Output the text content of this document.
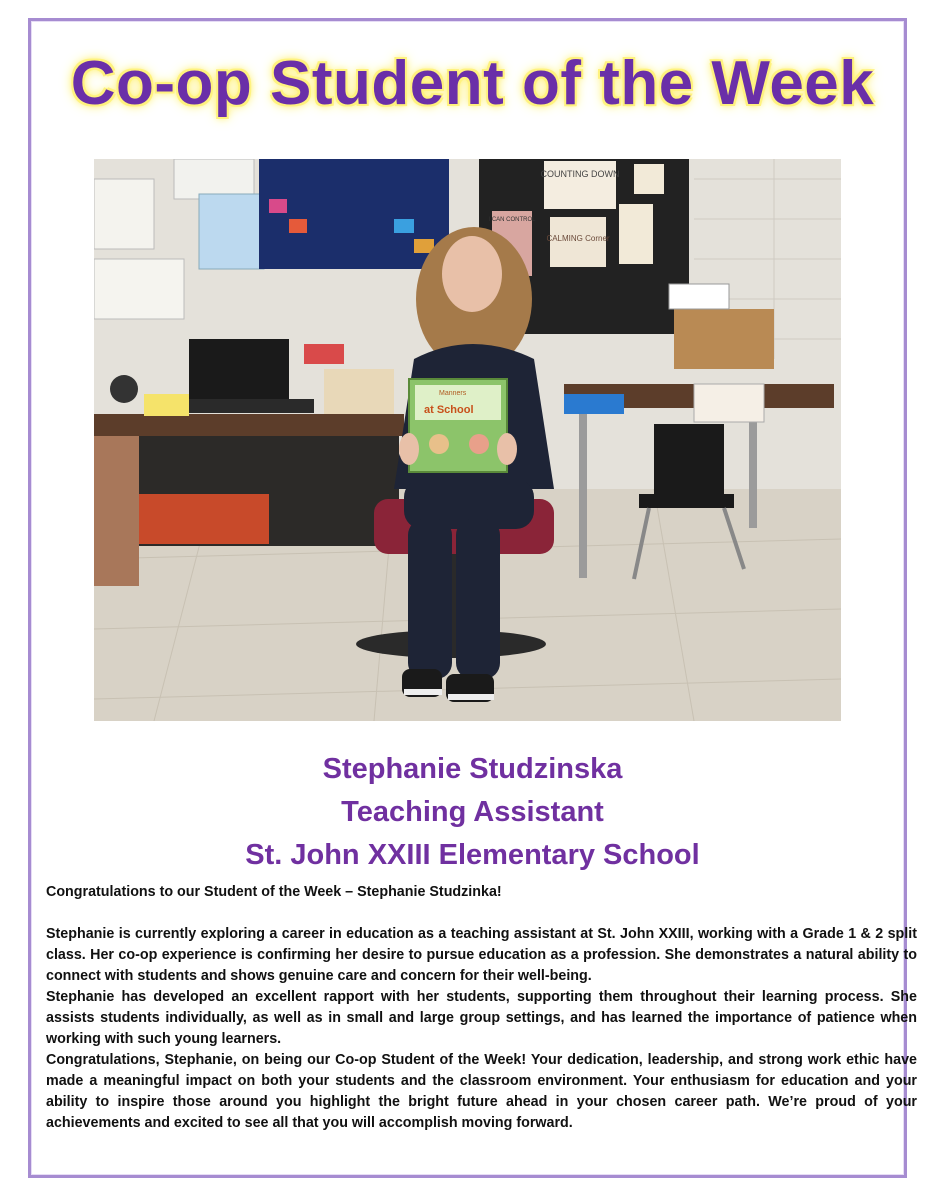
Co-op Student of the Week
COUNTING DOWN
CALMING Corner
I CAN CONTROL
Manners
at School
Stephanie Studzinska
Teaching Assistant
St. John XXIII Elementary School

Congratulations to our Student of the Week – Stephanie Studzinka!

Stephanie is currently exploring a career in education as a teaching assistant at St. John XXIII, working with a Grade 1 & 2 split class. Her co-op experience is confirming her desire to pursue education as a profession. She demonstrates a natural ability to connect with students and shows genuine care and concern for their well-being.

Stephanie has developed an excellent rapport with her students, supporting them throughout their learning process. She assists students individually, as well as in small and large group settings, and has learned the importance of patience when working with such young learners.

Congratulations, Stephanie, on being our Co-op Student of the Week! Your dedication, leadership, and strong work ethic have made a meaningful impact on both your students and the classroom environment. Your enthusiasm for education and your ability to inspire those around you highlight the bright future ahead in your chosen career path. We’re proud of your achievements and excited to see all that you will accomplish moving forward.
